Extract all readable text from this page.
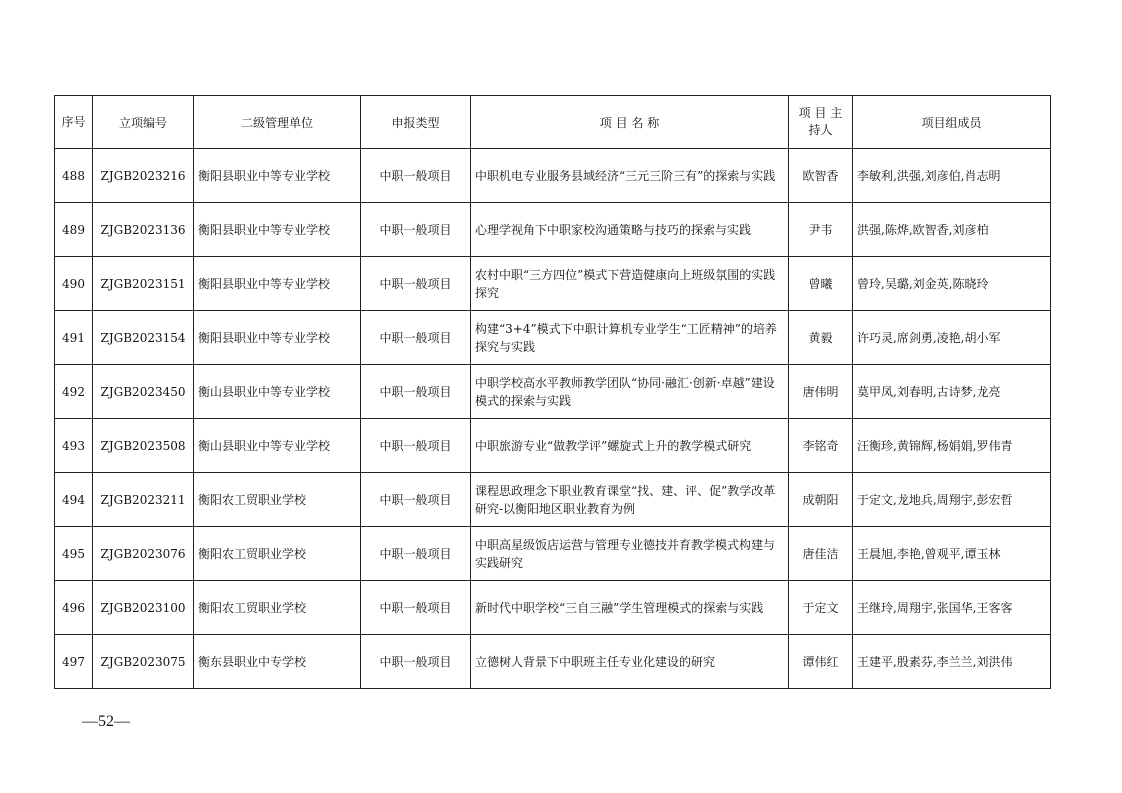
序号	立项编号	二级管理单位	申报类型	项 目 名 称	项 目 主持人	项目组成员
488	ZJGB2023216	衡阳县职业中等专业学校	中职一般项目	中职机电专业服务县域经济“三元三阶三有”的探索与实践	欧智香	李敏利,洪强,刘彦伯,肖志明
489	ZJGB2023136	衡阳县职业中等专业学校	中职一般项目	心理学视角下中职家校沟通策略与技巧的探索与实践	尹韦	洪强,陈烨,欧智香,刘彦柏
490	ZJGB2023151	衡阳县职业中等专业学校	中职一般项目	农村中职“三方四位”模式下营造健康向上班级氛围的实践探究	曾曦	曾玲,吴璐,刘金英,陈晓玲
491	ZJGB2023154	衡阳县职业中等专业学校	中职一般项目	构建“3+4”模式下中职计算机专业学生“工匠精神”的培养探究与实践	黄毅	许巧灵,席剑勇,凌艳,胡小军
492	ZJGB2023450	衡山县职业中等专业学校	中职一般项目	中职学校高水平教师教学团队“协同·融汇·创新·卓越”建设模式的探索与实践	唐伟明	莫甲凤,刘春明,古诗梦,龙亮
493	ZJGB2023508	衡山县职业中等专业学校	中职一般项目	中职旅游专业“做教学评”螺旋式上升的教学模式研究	李铭奇	汪衡珍,黄锦辉,杨娟娟,罗伟青
494	ZJGB2023211	衡阳农工贸职业学校	中职一般项目	课程思政理念下职业教育课堂“找、建、评、促”教学改革研究-以衡阳地区职业教育为例	成朝阳	于定文,龙地兵,周翔宇,彭宏哲
495	ZJGB2023076	衡阳农工贸职业学校	中职一般项目	中职高星级饭店运营与管理专业德技并育教学模式构建与实践研究	唐佳洁	王晨旭,李艳,曾观平,谭玉林
496	ZJGB2023100	衡阳农工贸职业学校	中职一般项目	新时代中职学校“三自三融”学生管理模式的探索与实践	于定文	王继玲,周翔宇,张国华,王客客
497	ZJGB2023075	衡东县职业中专学校	中职一般项目	立德树人背景下中职班主任专业化建设的研究	谭伟红	王建平,殷素芬,李兰兰,刘洪伟
—52—
